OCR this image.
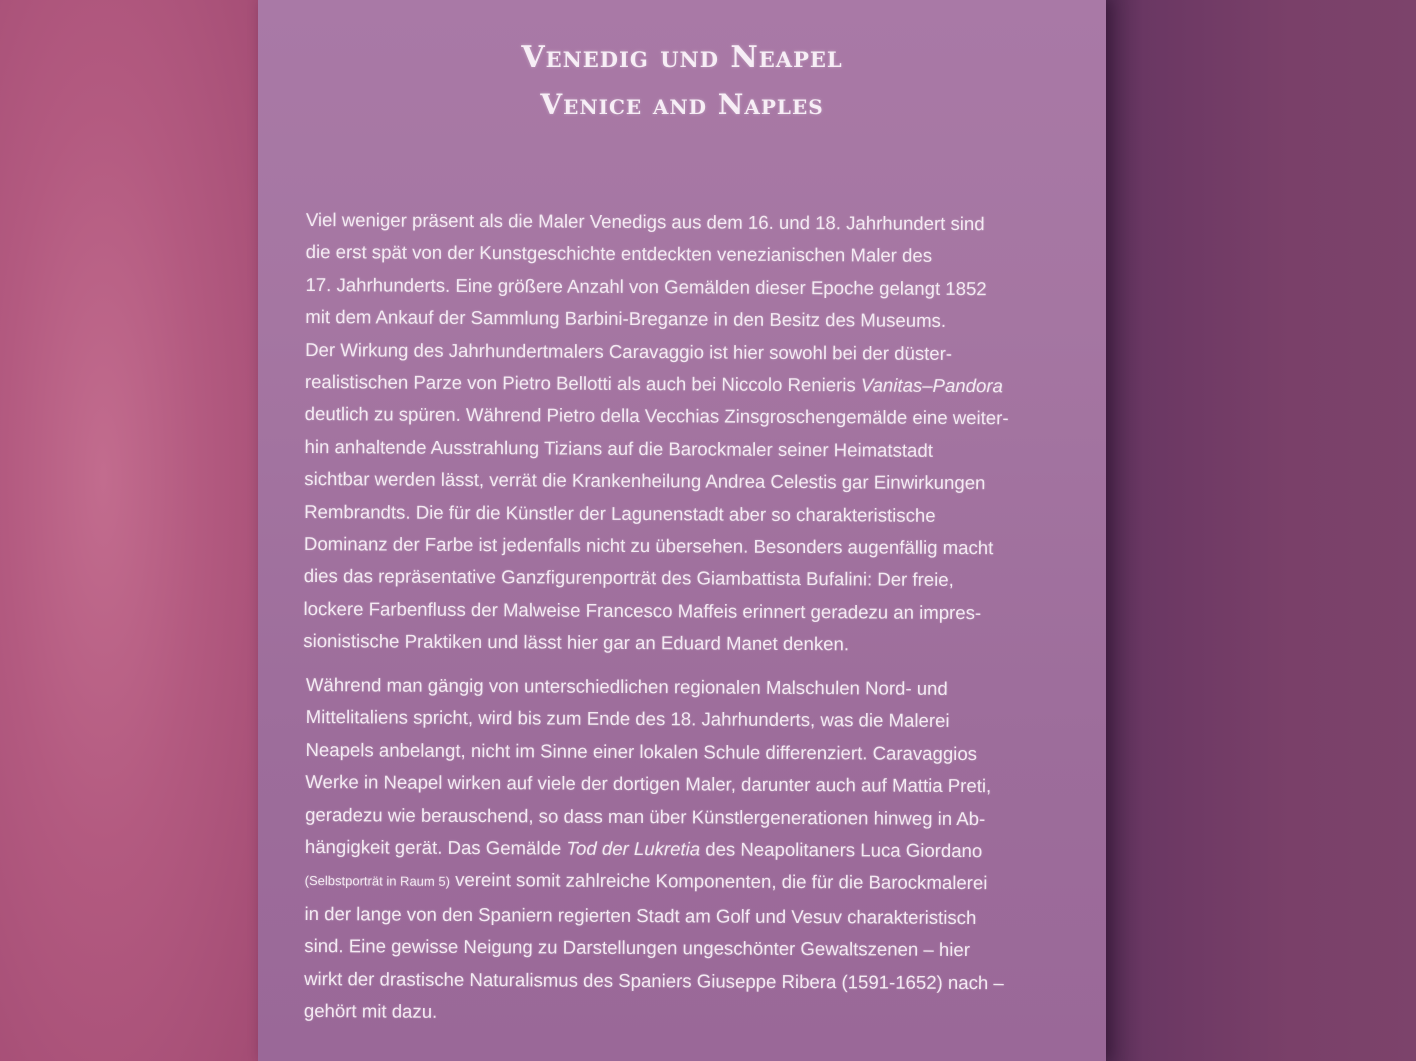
Venedig und Neapel
Venice and Naples
Viel weniger präsent als die Maler Venedigs aus dem 16. und 18. Jahrhundert sind
die erst spät von der Kunstgeschichte entdeckten venezianischen Maler des
17. Jahrhunderts. Eine größere Anzahl von Gemälden dieser Epoche gelangt 1852
mit dem Ankauf der Sammlung Barbini-Breganze in den Besitz des Museums.
Der Wirkung des Jahrhundertmalers Caravaggio ist hier sowohl bei der düster-
realistischen Parze von Pietro Bellotti als auch bei Niccolo Renieris Vanitas–Pandora
deutlich zu spüren. Während Pietro della Vecchias Zinsgroschengemälde eine weiter-
hin anhaltende Ausstrahlung Tizians auf die Barockmaler seiner Heimatstadt
sichtbar werden lässt, verrät die Krankenheilung Andrea Celestis gar Einwirkungen
Rembrandts. Die für die Künstler der Lagunenstadt aber so charakteristische
Dominanz der Farbe ist jedenfalls nicht zu übersehen. Besonders augenfällig macht
dies das repräsentative Ganzfigurenporträt des Giambattista Bufalini: Der freie,
lockere Farbenfluss der Malweise Francesco Maffeis erinnert geradezu an impres-
sionistische Praktiken und lässt hier gar an Eduard Manet denken.
Während man gängig von unterschiedlichen regionalen Malschulen Nord- und
Mittelitaliens spricht, wird bis zum Ende des 18. Jahrhunderts, was die Malerei
Neapels anbelangt, nicht im Sinne einer lokalen Schule differenziert. Caravaggios
Werke in Neapel wirken auf viele der dortigen Maler, darunter auch auf Mattia Preti,
geradezu wie berauschend, so dass man über Künstlergenerationen hinweg in Ab-
hängigkeit gerät. Das Gemälde Tod der Lukretia des Neapolitaners Luca Giordano
(Selbstporträt in Raum 5) vereint somit zahlreiche Komponenten, die für die Barockmalerei
in der lange von den Spaniern regierten Stadt am Golf und Vesuv charakteristisch
sind. Eine gewisse Neigung zu Darstellungen ungeschönter Gewaltszenen – hier
wirkt der drastische Naturalismus des Spaniers Giuseppe Ribera (1591-1652) nach –
gehört mit dazu.
